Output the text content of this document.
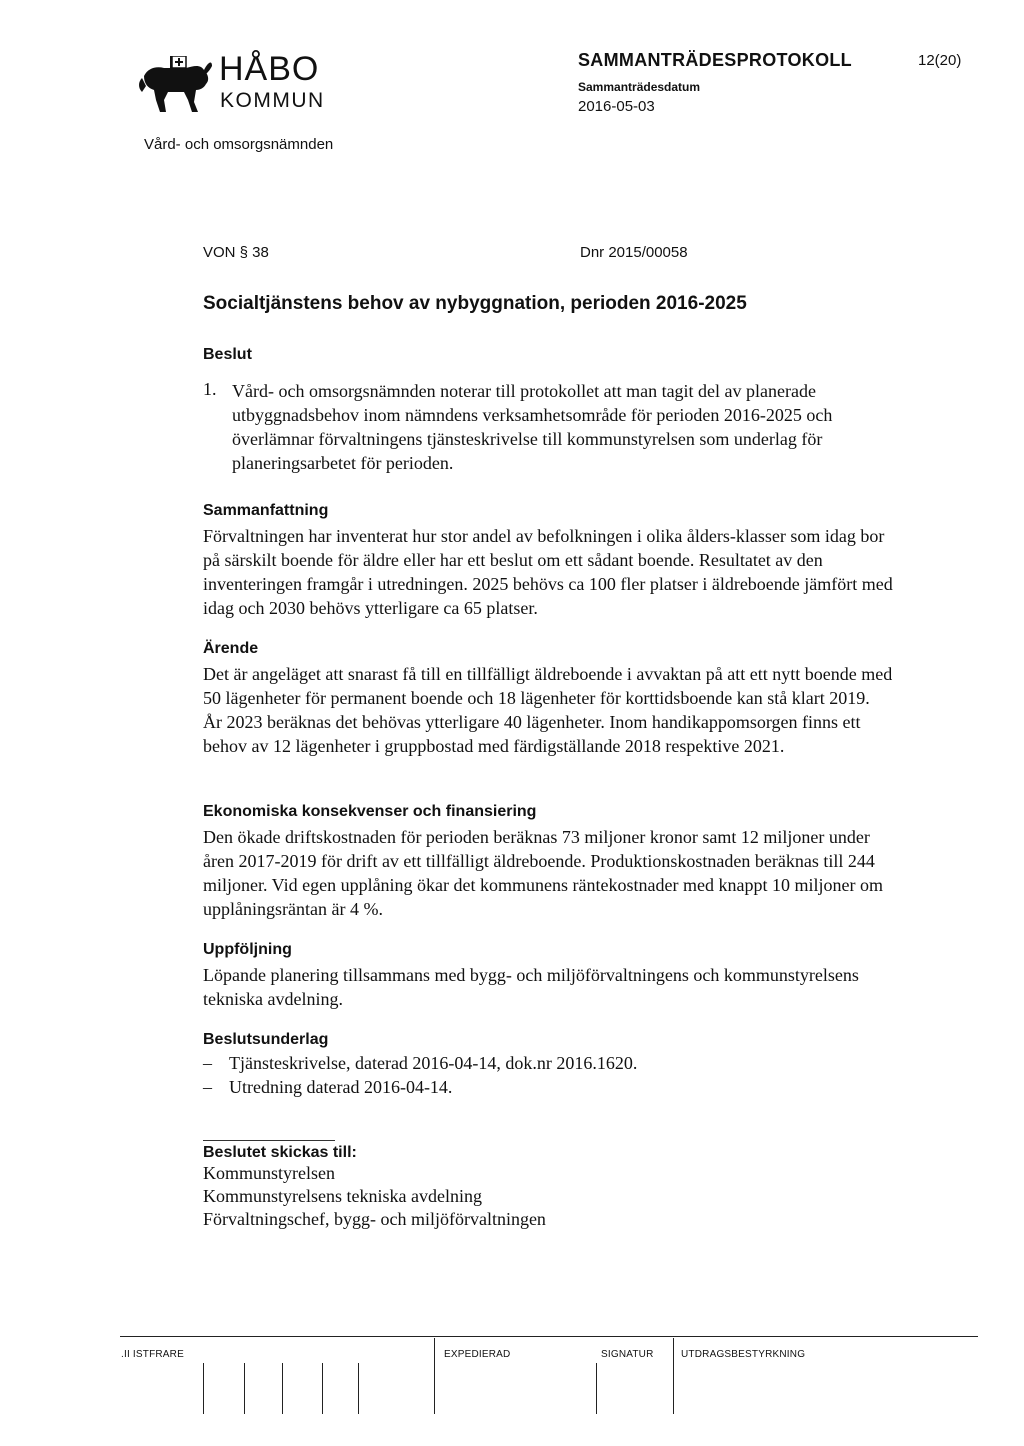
HÅBO
KOMMUN
Vård- och omsorgsnämnden
SAMMANTRÄDESPROTOKOLL	12(20)
Sammanträdesdatum
2016-05-03
VON § 38	Dnr 2015/00058
Socialtjänstens behov av nybyggnation, perioden 2016-2025
Beslut
1. Vård- och omsorgsnämnden noterar till protokollet att man tagit del av planerade utbyggnadsbehov inom nämndens verksamhetsområde för perioden 2016-2025 och överlämnar förvaltningens tjänsteskrivelse till kommunstyrelsen som underlag för planeringsarbetet för perioden.

Sammanfattning

Förvaltningen har inventerat hur stor andel av befolkningen i olika ålders-klasser som idag bor på särskilt boende för äldre eller har ett beslut om ett sådant boende. Resultatet av den inventeringen framgår i utredningen. 2025 behövs ca 100 fler platser i äldreboende jämfört med idag och 2030 behövs ytterligare ca 65 platser.

Ärende

Det är angeläget att snarast få till en tillfälligt äldreboende i avvaktan på att ett nytt boende med 50 lägenheter för permanent boende och 18 lägenheter för korttidsboende kan stå klart 2019. År 2023 beräknas det behövas ytterligare 40 lägenheter. Inom handikappomsorgen finns ett behov av 12 lägenheter i gruppbostad med färdigställande 2018 respektive 2021.

Ekonomiska konsekvenser och finansiering

Den ökade driftskostnaden för perioden beräknas 73 miljoner kronor samt 12 miljoner under åren 2017-2019 för drift av ett tillfälligt äldreboende. Produktionskostnaden beräknas till 244 miljoner. Vid egen upplåning ökar det kommunens räntekostnader med knappt 10 miljoner om upplåningsräntan är 4 %.

Uppföljning

Löpande planering tillsammans med bygg- och miljöförvaltningens och kommunstyrelsens tekniska avdelning.

Beslutsunderlag
– Tjänsteskrivelse, daterad 2016-04-14, dok.nr 2016.1620.
– Utredning daterad 2016-04-14.
Beslutet skickas till:
Kommunstyrelsen
Kommunstyrelsens tekniska avdelning
Förvaltningschef, bygg- och miljöförvaltningen
.II ISTFRARE	EXPEDIERAD	SIGNATUR	UTDRAGSBESTYRKNING
